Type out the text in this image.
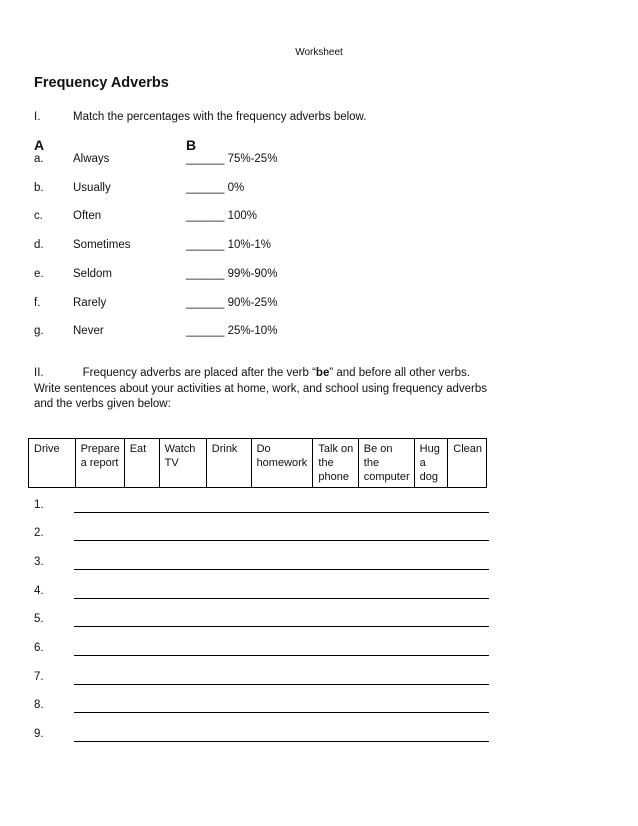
Worksheet
Frequency Adverbs
I.	Match the percentages with the frequency adverbs below.
A	B
a.	Always	______ 75%-25%
b.	Usually	______ 0%
c.	Often	______ 100%
d.	Sometimes	______ 10%-1%
e.	Seldom	______ 99%-90%
f.	Rarely	______ 90%-25%
g.	Never	______ 25%-10%
II.	Frequency adverbs are placed after the verb “be” and before all other verbs. Write sentences about your activities at home, work, and school using frequency adverbs and the verbs given below:
Drive	Prepare a report	Eat	Watch TV	Drink	Do homework	Talk on the phone	Be on the computer	Hug a dog	Clean
1.
2.
3.
4.
5.
6.
7.
8.
9.
